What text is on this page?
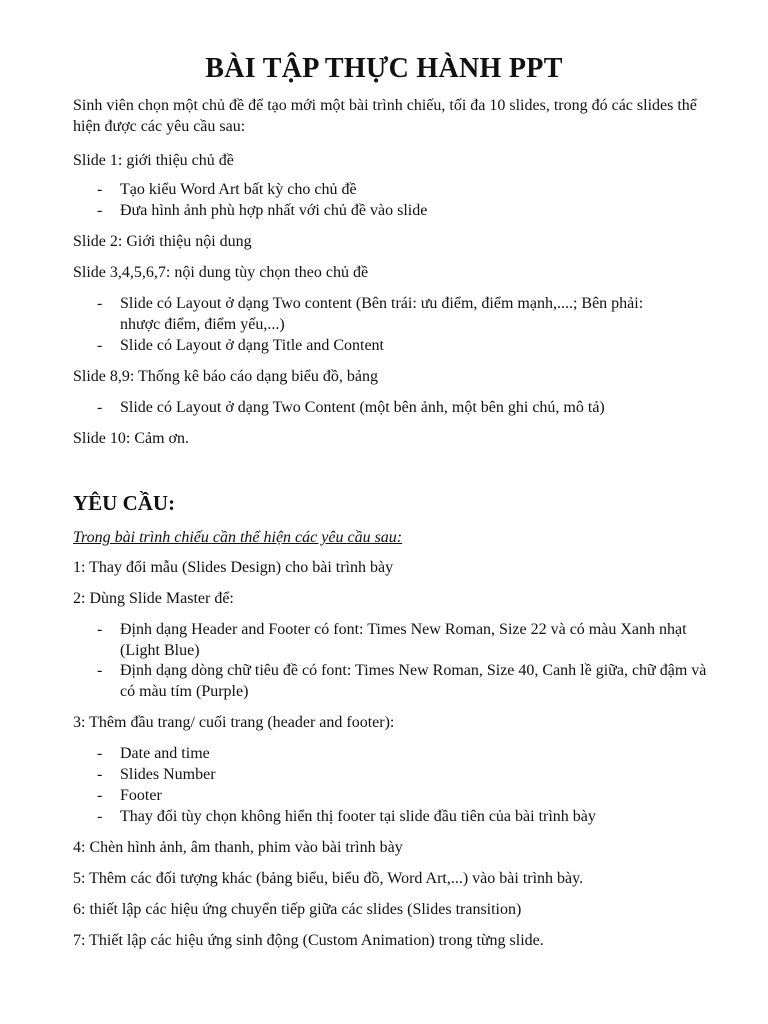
BÀI TẬP THỰC HÀNH PPT

Sinh viên chọn một chủ đề để tạo mới một bài trình chiếu, tối đa 10 slides, trong đó các slides thể hiện được các yêu cầu sau:

Slide 1: giới thiệu chủ đề

- Tạo kiểu Word Art bất kỳ cho chủ đề
- Đưa hình ảnh phù hợp nhất với chủ đề vào slide

Slide 2: Giới thiệu nội dung

Slide 3,4,5,6,7: nội dung tùy chọn theo chủ đề

- Slide có Layout ở dạng Two content (Bên trái: ưu điểm, điểm mạnh,....; Bên phải: nhược điểm, điểm yếu,...)
- Slide có Layout ở dạng Title and Content

Slide 8,9: Thống kê báo cáo dạng biểu đồ, bảng

- Slide có Layout ở dạng Two Content (một bên ảnh, một bên ghi chú, mô tả)

Slide 10: Cảm ơn.

YÊU CẦU:

Trong bài trình chiếu cần thể hiện các yêu cầu sau:

1: Thay đổi mẫu (Slides Design) cho bài trình bày

2: Dùng Slide Master để:

- Định dạng Header and Footer có font: Times New Roman, Size 22 và có màu Xanh nhạt (Light Blue)
- Định dạng dòng chữ tiêu đề có font: Times New Roman, Size 40, Canh lề giữa, chữ đậm và có màu tím (Purple)

3: Thêm đầu trang/ cuối trang (header and footer):

- Date and time
- Slides Number
- Footer
- Thay đổi tùy chọn không hiển thị footer tại slide đầu tiên của bài trình bày

4: Chèn hình ảnh, âm thanh, phim vào bài trình bày

5: Thêm các đối tượng khác (bảng biểu, biểu đồ, Word Art,...) vào bài trình bày.

6: thiết lập các hiệu ứng chuyển tiếp giữa các slides (Slides transition)

7: Thiết lập các hiệu ứng sinh động (Custom Animation) trong từng slide.
